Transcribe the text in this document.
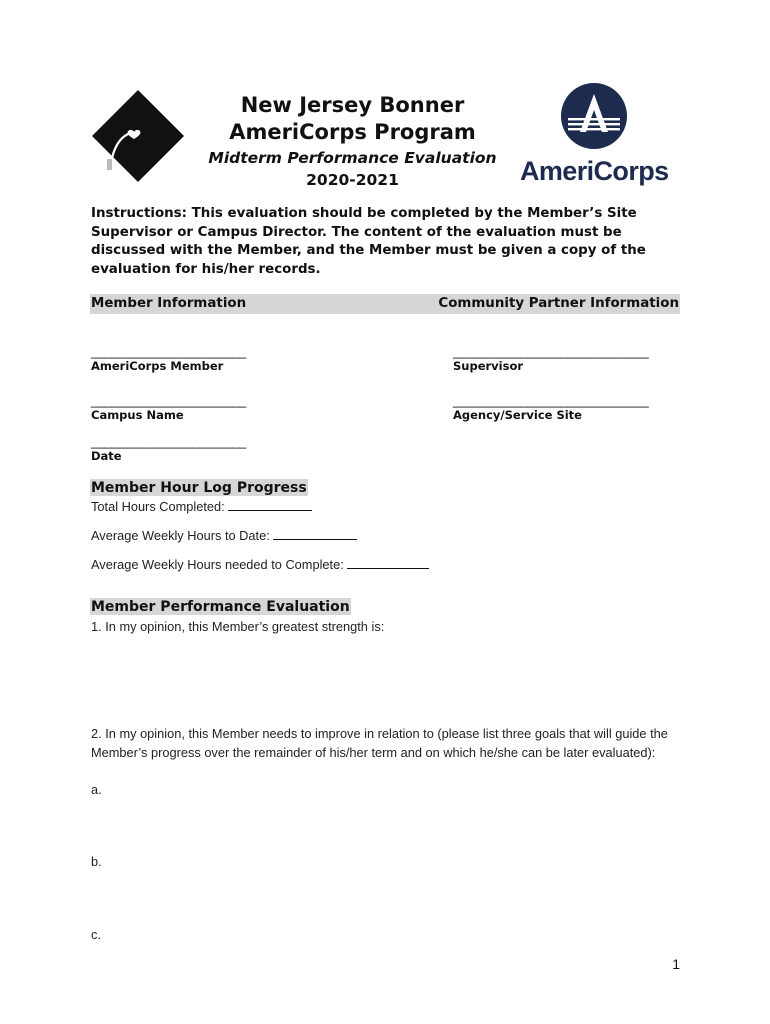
New Jersey Bonner
AmeriCorps Program
Midterm Performance Evaluation
2020-2021	AmeriCorps
Instructions: This evaluation should be completed by the Member’s Site Supervisor or Campus Director. The content of the evaluation must be discussed with the Member, and the Member must be given a copy of the evaluation for his/her records.
Member Information	Community Partner Information
_______________________
AmeriCorps Member
_______________________
Campus Name
_______________________
Date
_____________________________
Supervisor
_____________________________
Agency/Service Site
Member Hour Log Progress
Total Hours Completed:
Average Weekly Hours to Date:
Average Weekly Hours needed to Complete:
Member Performance Evaluation
1. In my opinion, this Member’s greatest strength is:
2. In my opinion, this Member needs to improve in relation to (please list three goals that will guide the Member’s progress over the remainder of his/her term and on which he/she can be later evaluated):
a.
b.
c.
1
